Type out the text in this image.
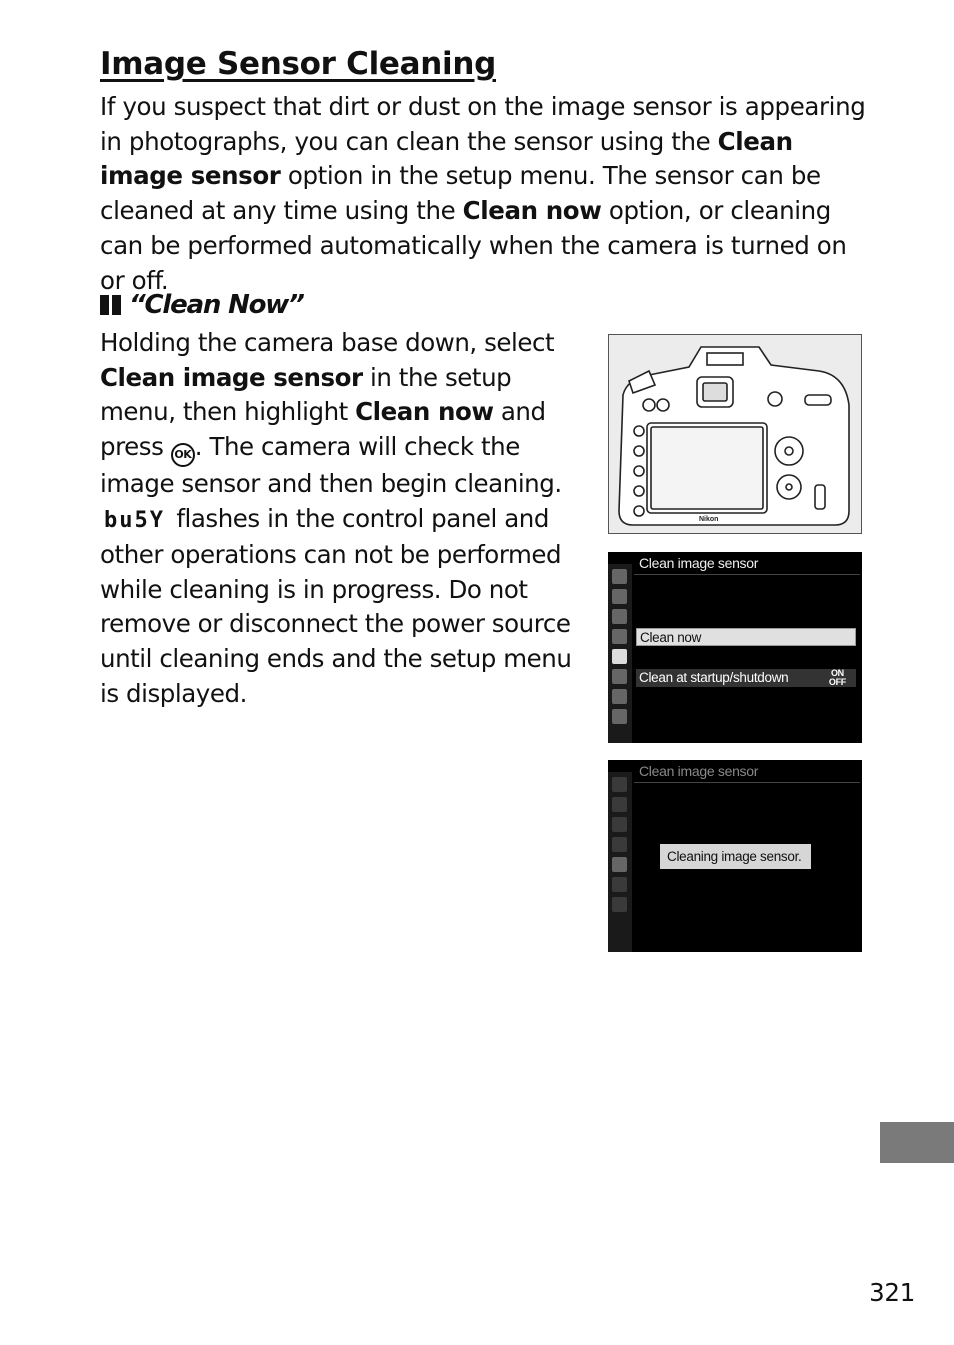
Image Sensor Cleaning

If you suspect that dirt or dust on the image sensor is appearing in photographs, you can clean the sensor using the Clean image sensor option in the setup menu. The sensor can be cleaned at any time using the Clean now option, or cleaning can be performed automatically when the camera is turned on or off.

“Clean Now”

Holding the camera base down, select Clean image sensor in the setup menu, then highlight Clean now and press OK . The camera will check the image sensor and then begin cleaning. bu5Y flashes in the control panel and other operations can not be performed while cleaning is in progress. Do not remove or disconnect the power source until cleaning ends and the setup menu is displayed.

Nikon
Clean image sensor
Clean now
Clean at startup/shutdown	ON
OFF
Clean image sensor
Cleaning image sensor.
321
